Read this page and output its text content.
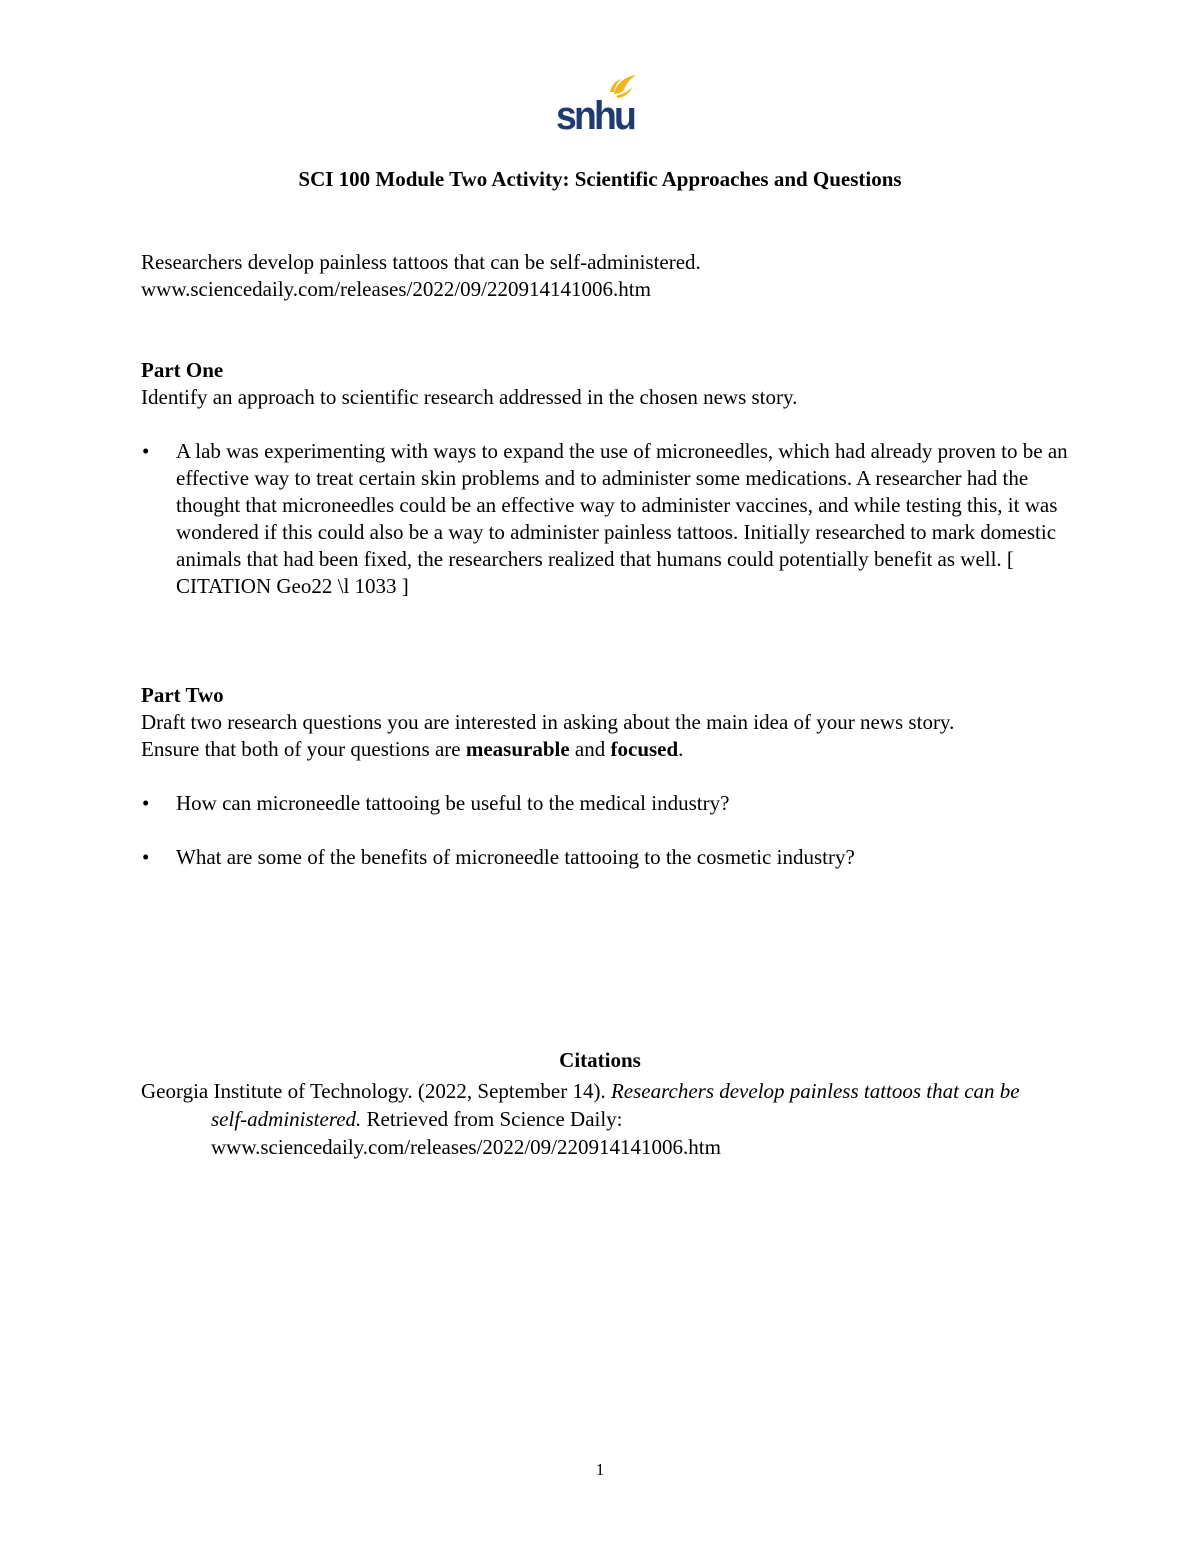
snhu
SCI 100 Module Two Activity: Scientific Approaches and Questions

Researchers develop painless tattoos that can be self-administered.

www.sciencedaily.com/releases/2022/09/220914141006.htm

Part One

Identify an approach to scientific research addressed in the chosen news story.

•	A lab was experimenting with ways to expand the use of microneedles, which had already proven to be an effective way to treat certain skin problems and to administer some medications. A researcher had the thought that microneedles could be an effective way to administer vaccines, and while testing this, it was wondered if this could also be a way to administer painless tattoos. Initially researched to mark domestic animals that had been fixed, the researchers realized that humans could potentially benefit as well. [ CITATION Geo22 \l 1033 ]

Part Two

Draft two research questions you are interested in asking about the main idea of your news story.

Ensure that both of your questions are measurable and focused.

•	How can microneedle tattooing be useful to the medical industry?
•	What are some of the benefits of microneedle tattooing to the cosmetic industry?
Citations
Georgia Institute of Technology. (2022, September 14). Researchers develop painless tattoos that can be self-administered. Retrieved from Science Daily: www.sciencedaily.com/releases/2022/09/220914141006.htm
1
